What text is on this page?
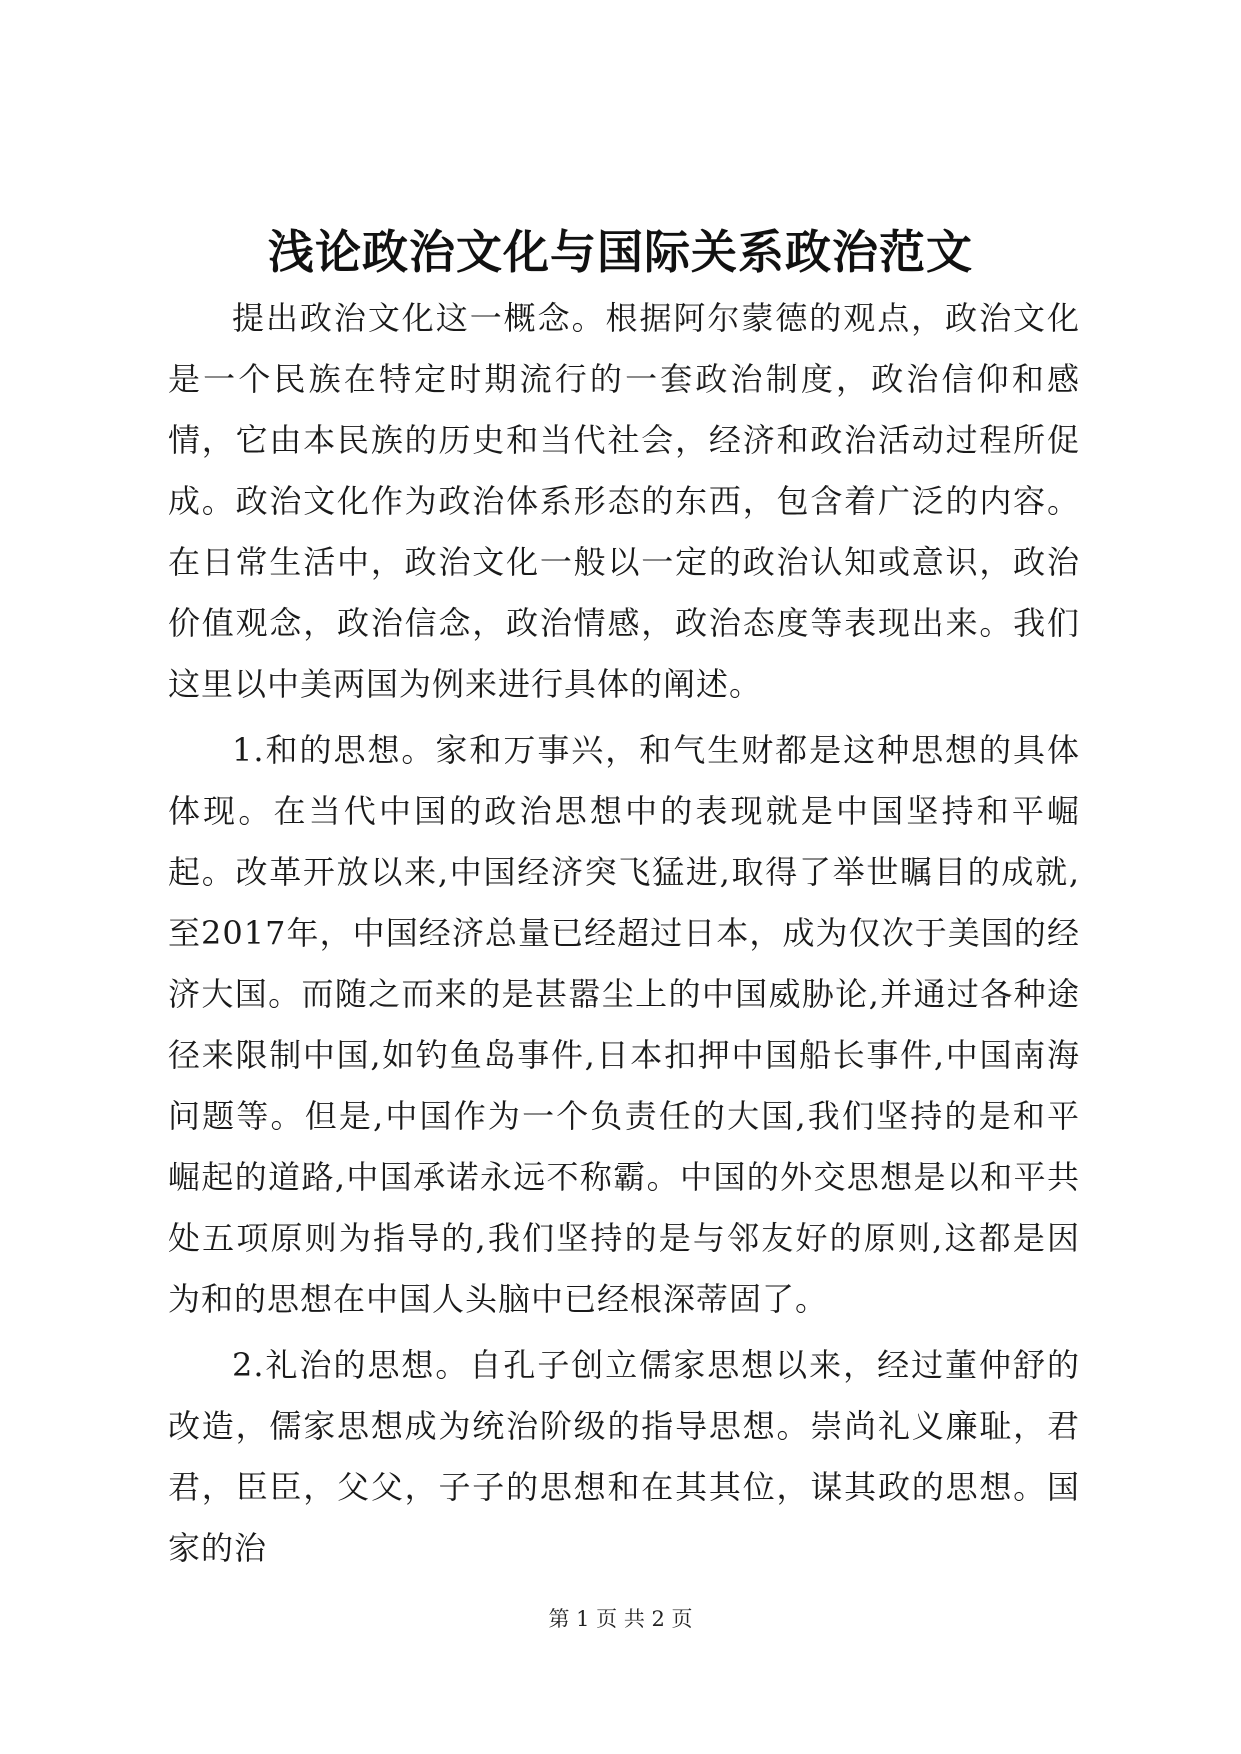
浅论政治文化与国际关系政治范文

提出政治文化这一概念。根据阿尔蒙德的观点，政治文化是一个民族在特定时期流行的一套政治制度，政治信仰和感情，它由本民族的历史和当代社会，经济和政治活动过程所促成。政治文化作为政治体系形态的东西，包含着广泛的内容。在日常生活中，政治文化一般以一定的政治认知或意识，政治价值观念，政治信念，政治情感，政治态度等表现出来。我们这里以中美两国为例来进行具体的阐述。

1.和的思想。家和万事兴，和气生财都是这种思想的具体体现。在当代中国的政治思想中的表现就是中国坚持和平崛起。改革开放以来,中国经济突飞猛进,取得了举世瞩目的成就,至2017年，中国经济总量已经超过日本，成为仅次于美国的经济大国。而随之而来的是甚嚣尘上的中国威胁论,并通过各种途径来限制中国,如钓鱼岛事件,日本扣押中国船长事件,中国南海问题等。但是,中国作为一个负责任的大国,我们坚持的是和平崛起的道路,中国承诺永远不称霸。中国的外交思想是以和平共处五项原则为指导的,我们坚持的是与邻友好的原则,这都是因为和的思想在中国人头脑中已经根深蒂固了。

2.礼治的思想。自孔子创立儒家思想以来，经过董仲舒的改造，儒家思想成为统治阶级的指导思想。崇尚礼义廉耻，君君，臣臣，父父，子子的思想和在其其位，谋其政的思想。国家的治

第 1 页 共 2 页
